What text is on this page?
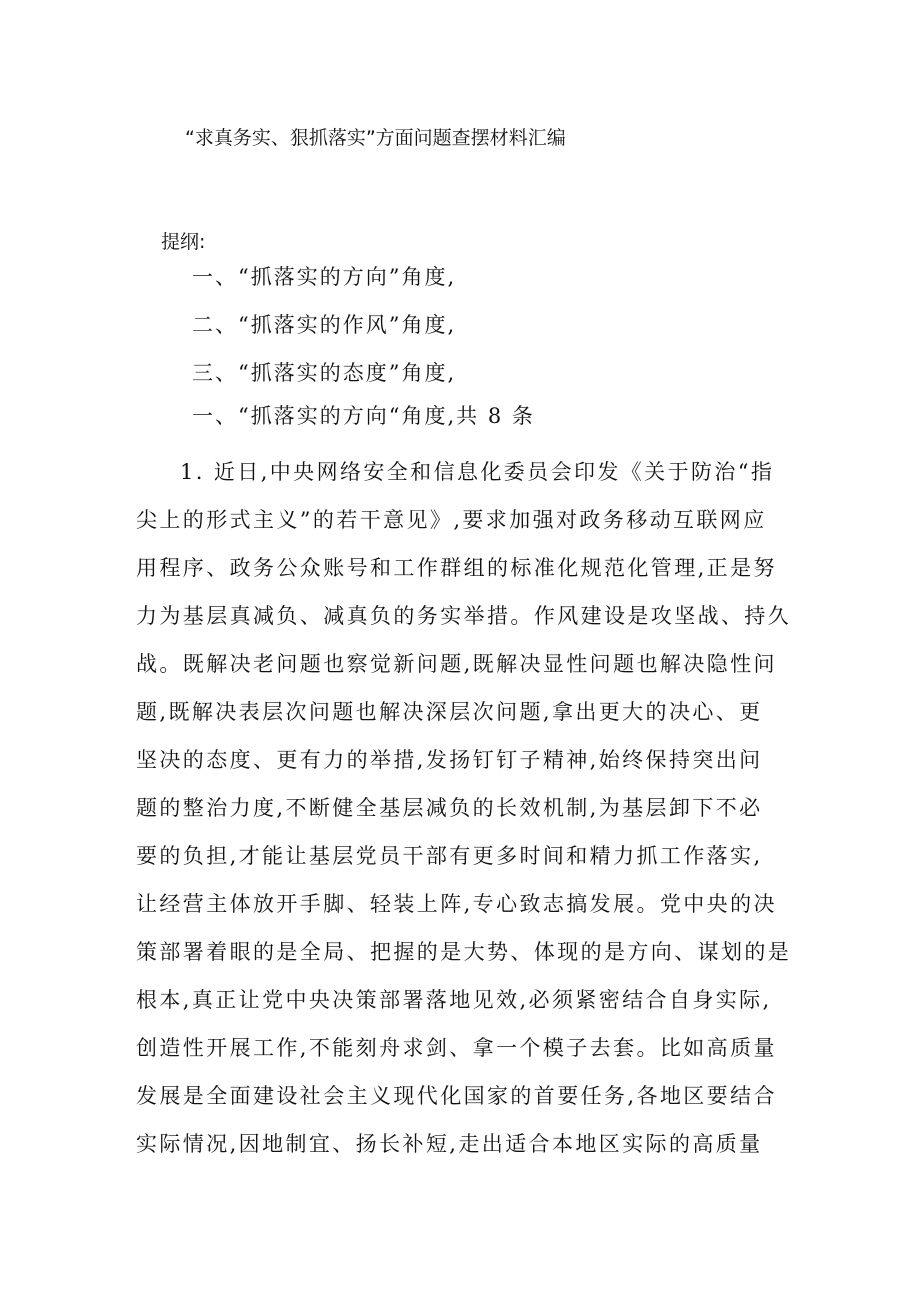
“求真务实、狠抓落实”方面问题查摆材料汇编
提纲:
一、“抓落实的方向”角度,
二、“抓落实的作风”角度,
三、“抓落实的态度”角度,
一、“抓落实的方向“角度,共 8 条
1. 近日,中央网络安全和信息化委员会印发《关于防治“指
尖上的形式主义”的若干意见》,要求加强对政务移动互联网应
用程序、政务公众账号和工作群组的标准化规范化管理,正是努
力为基层真减负、减真负的务实举措。作风建设是攻坚战、持久
战。既解决老问题也察觉新问题,既解决显性问题也解决隐性问
题,既解决表层次问题也解决深层次问题,拿出更大的决心、更
坚决的态度、更有力的举措,发扬钉钉子精神,始终保持突出问
题的整治力度,不断健全基层减负的长效机制,为基层卸下不必
要的负担,才能让基层党员干部有更多时间和精力抓工作落实,
让经营主体放开手脚、轻装上阵,专心致志搞发展。党中央的决
策部署着眼的是全局、把握的是大势、体现的是方向、谋划的是
根本,真正让党中央决策部署落地见效,必须紧密结合自身实际,
创造性开展工作,不能刻舟求剑、拿一个模子去套。比如高质量
发展是全面建设社会主义现代化国家的首要任务,各地区要结合
实际情况,因地制宜、扬长补短,走出适合本地区实际的高质量
